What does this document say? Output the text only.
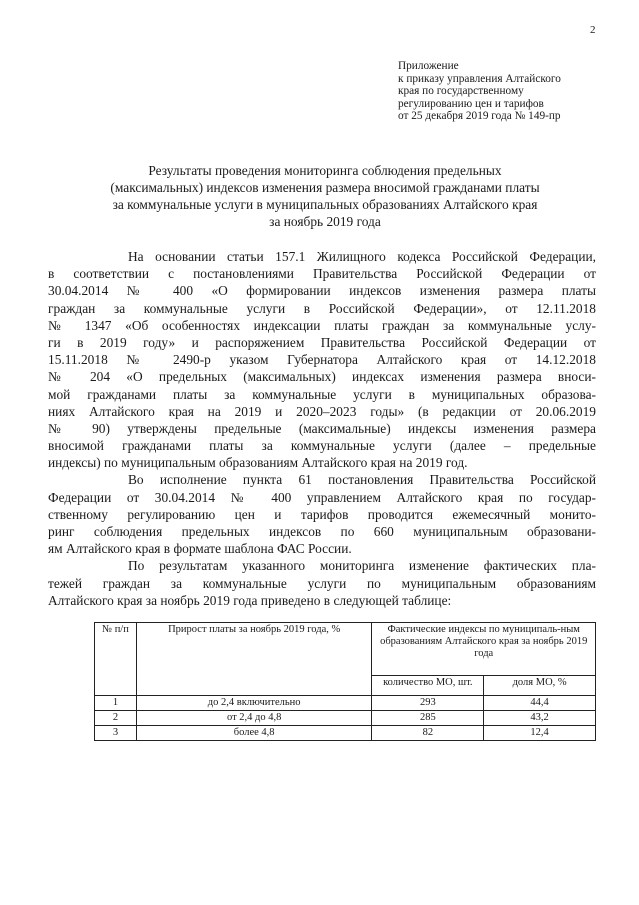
2
Приложение
к приказу управления Алтайского
края по государственному
регулированию цен и тарифов
от 25 декабря 2019 года № 149-пр
Результаты проведения мониторинга соблюдения предельных
(максимальных) индексов изменения размера вносимой гражданами платы
за коммунальные услуги в муниципальных образованиях Алтайского края
за ноябрь 2019 года
На основании статьи 157.1 Жилищного кодекса Российской Федерации,
в соответствии с постановлениями Правительства Российской Федерации от
30.04.2014 № 400 «О формировании индексов изменения размера платы
граждан за коммунальные услуги в Российской Федерации», от 12.11.2018
№ 1347 «Об особенностях индексации платы граждан за коммунальные услу-
ги в 2019 году» и распоряжением Правительства Российской Федерации от
15.11.2018 № 2490-р указом Губернатора Алтайского края от 14.12.2018
№ 204 «О предельных (максимальных) индексах изменения размера вноси-
мой гражданами платы за коммунальные услуги в муниципальных образова-
ниях Алтайского края на 2019 и 2020–2023 годы» (в редакции от 20.06.2019
№ 90) утверждены предельные (максимальные) индексы изменения размера
вносимой гражданами платы за коммунальные услуги (далее – предельные
индексы) по муниципальным образованиям Алтайского края на 2019 год.
Во исполнение пункта 61 постановления Правительства Российской
Федерации от 30.04.2014 № 400 управлением Алтайского края по государ-
ственному регулированию цен и тарифов проводится ежемесячный монито-
ринг соблюдения предельных индексов по 660 муниципальным образовани-
ям Алтайского края в формате шаблона ФАС России.
По результатам указанного мониторинга изменение фактических пла-
тежей граждан за коммунальные услуги по муниципальным образованиям
Алтайского края за ноябрь 2019 года приведено в следующей таблице:
№ п/п	Прирост платы за ноябрь 2019 года, %	Фактические индексы по муниципаль-ным образованиям Алтайского края за ноябрь 2019 года	
		количество МО, шт.	доля МО, %
1	до 2,4 включительно	293	44,4
2	от 2,4 до 4,8	285	43,2
3	более 4,8	82	12,4
